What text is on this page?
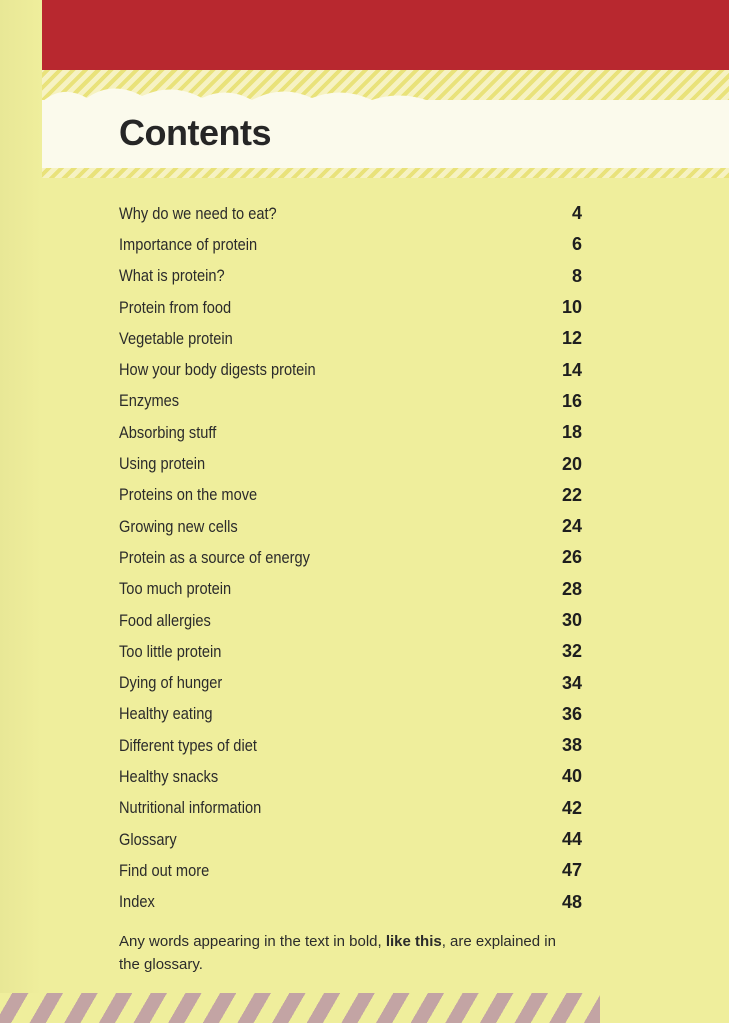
Contents
Why do we need to eat?	4
Importance of protein	6
What is protein?	8
Protein from food	10
Vegetable protein	12
How your body digests protein	14
Enzymes	16
Absorbing stuff	18
Using protein	20
Proteins on the move	22
Growing new cells	24
Protein as a source of energy	26
Too much protein	28
Food allergies	30
Too little protein	32
Dying of hunger	34
Healthy eating	36
Different types of diet	38
Healthy snacks	40
Nutritional information	42
Glossary	44
Find out more	47
Index	48

Any words appearing in the text in bold, like this, are explained in the glossary.
